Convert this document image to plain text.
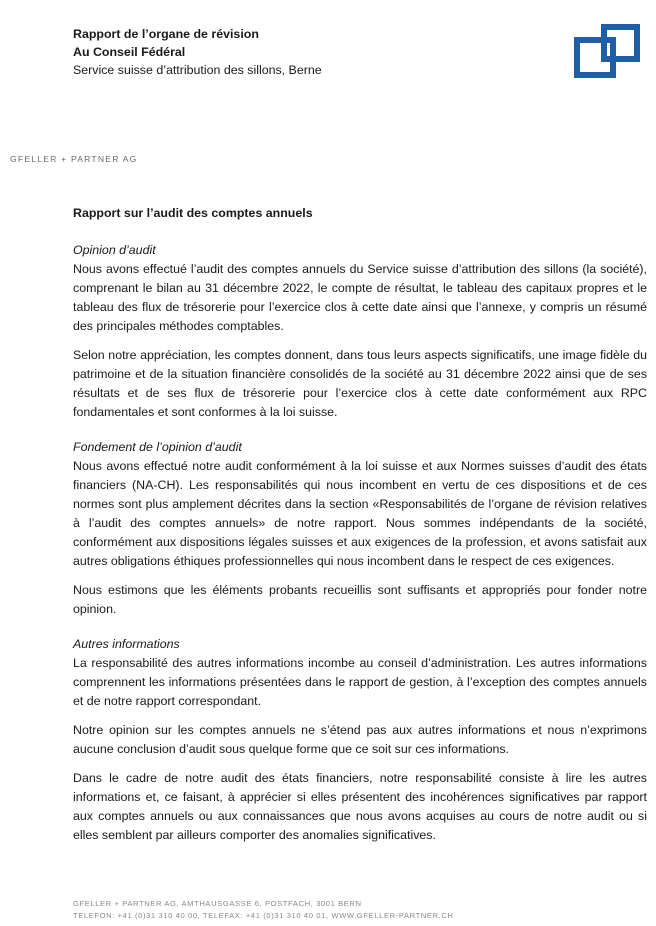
Rapport de l’organe de révision
Au Conseil Fédéral
Service suisse d’attribution des sillons, Berne
GFELLER + PARTNER AG
Rapport sur l’audit des comptes annuels
Opinion d’audit

Nous avons effectué l’audit des comptes annuels du Service suisse d’attribution des sillons (la société), comprenant le bilan au 31 décembre 2022, le compte de résultat, le tableau des capitaux propres et le tableau des flux de trésorerie pour l’exercice clos à cette date ainsi que l’annexe, y compris un résumé des principales méthodes comptables.

Selon notre appréciation, les comptes donnent, dans tous leurs aspects significatifs, une image fidèle du patrimoine et de la situation financière consolidés de la société au 31 décembre 2022 ainsi que de ses résultats et de ses flux de trésorerie pour l’exercice clos à cette date conformément aux RPC fondamentales et sont conformes à la loi suisse.

Fondement de l’opinion d’audit

Nous avons effectué notre audit conformément à la loi suisse et aux Normes suisses d’audit des états financiers (NA-CH). Les responsabilités qui nous incombent en vertu de ces dispositions et de ces normes sont plus amplement décrites dans la section «Responsabilités de l’organe de révision relatives à l’audit des comptes annuels» de notre rapport. Nous sommes indépendants de la société, conformément aux dispositions légales suisses et aux exigences de la profession, et avons satisfait aux autres obligations éthiques professionnelles qui nous incombent dans le respect de ces exigences.

Nous estimons que les éléments probants recueillis sont suffisants et appropriés pour fonder notre opinion.

Autres informations

La responsabilité des autres informations incombe au conseil d’administration. Les autres informations comprennent les informations présentées dans le rapport de gestion, à l’exception des comptes annuels et de notre rapport correspondant.

Notre opinion sur les comptes annuels ne s’étend pas aux autres informations et nous n’exprimons aucune conclusion d’audit sous quelque forme que ce soit sur ces informations.

Dans le cadre de notre audit des états financiers, notre responsabilité consiste à lire les autres informations et, ce faisant, à apprécier si elles présentent des incohérences significatives par rapport aux comptes annuels ou aux connaissances que nous avons acquises au cours de notre audit ou si elles semblent par ailleurs comporter des anomalies significatives.

GFELLER + PARTNER AG, AMTHAUSGASSE 6, POSTFACH, 3001 BERN
TELEFON: +41 (0)31 310 40 00, TELEFAX: +41 (0)31 310 40 01, WWW.GFELLER-PARTNER.CH
